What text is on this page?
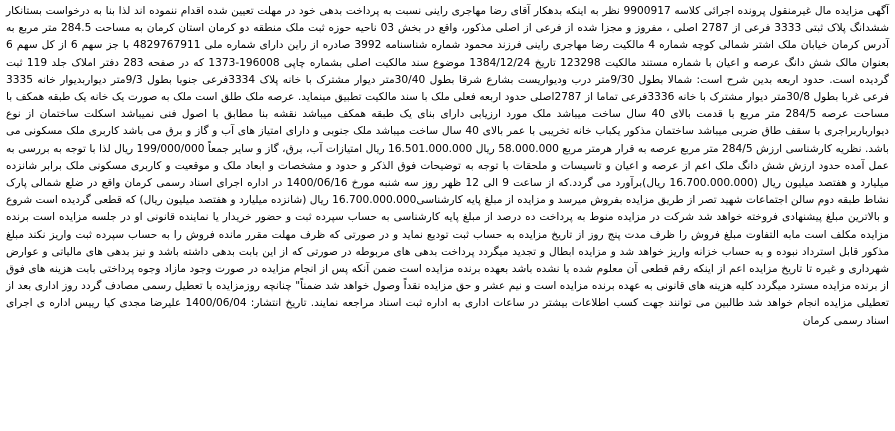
آگهی مزایده مال غیرمنقول پرونده اجرائی کلاسه 9900917 نظر به اینکه بدهکار آقای رضا مهاجری راینی نسبت به پرداخت بدهی خود در مهلت تعیین شده اقدام ننموده اند لذا بنا به درخواست بستانکار ششدانگ پلاک ثبتی 3333 فرعی از 2787 اصلی ، مفروز و مجزا شده از فرعی از اصلی مذکور، واقع در بخش 03 ناحیه حوزه ثبت ملک منطقه دو کرمان استان کرمان به مساحت 284.5 متر مربع به آدرس کرمان خیابان ملک اشتر شمالی کوچه شماره 4 مالکیت رضا مهاجری راینی فرزند محمود شماره شناسنامه 3992 صادره از راین دارای شماره ملی 4829767911 با جز سهم 6 از کل سهم 6 بعنوان مالک شش دانگ عرصه و اعیان با شماره مستند مالکیت 123298 تاریخ 1384/12/24 موضوع سند مالکیت اصلی بشماره چاپی 196008-1373 که در صفحه 283 دفتر املاک جلد 119 ثبت گردیده است. حدود اربعه بدین شرح است: شمالا بطول 9/30متر درب ودیواریست بشارع شرقا بطول 30/40متر دیوار مشترک با خانه پلاک 3334فرعی جنوبا بطول 9/3متر دیواربدیوار خانه 3335 فرعی غربا بطول 30/8متر دیوار مشترک با خانه 3336فرعی تماما از 2787اصلی حدود اربعه فعلی ملک با سند مالکیت تطبیق مینماید. عرصه ملک طلق است ملک به صورت یک خانه یک طبقه همکف با مساحت عرصه 284/5 متر مربع با قدمت بالای 40 سال ساخت میباشد ملک مورد ارزیابی دارای بنای یک طبقه همکف میباشد نقشه بنا مطابق با اصول فنی نمیباشد اسکلت ساختمان از نوع دیوارباربراجری با سقف طاق ضربی میباشد ساختمان مذکور یکباب خانه تخریبی با عمر بالای 40 سال ساخت میباشد ملک جنوبی و دارای امتیاز های آب و گاز و برق می باشد کاربری ملک مسکونی می باشد. نظریه کارشناسی ارزش 284/5 متر مربع عرصه به قرار هرمتر مربع 58.000.000 ریال 16.501.000.000 ریال امتیازات آب، برق، گاز و سایر جمعاً 199/000/000 ریال لذا با توجه به بررسی به عمل آمده حدود ارزش شش دانگ ملک اعم از عرصه و اعیان و تاسیسات و ملحقات با توجه به توضیحات فوق الذکر و حدود و مشخصات و ابعاد ملک و موقعیت و کاربری مسکونی ملک برابر شانزده میلیارد و هفتصد میلیون ریال (16.700.000.000 ریال)برآورد می گردد.که از ساعت 9 الی 12 ظهر روز سه شنبه مورخ 1400/06/16 در اداره اجرای اسناد رسمی کرمان واقع در ضلع شمالی پارک نشاط طبقه دوم سالن اجتماعات شهید تصر از طریق مزایده بفروش میرسد و مزایده از مبلغ پایه کارشناسی16.700.000.000 ریال (شانزده میلیارد و هفتصد میلیون ریال) که قطعی گردیده است شروع و بالاترین مبلغ پیشنهادی فروخته خواهد شد شرکت در مزایده منوط به پرداخت ده درصد از مبلغ پایه کارشناسی به حساب سپرده ثبت و حضور خریدار یا نماینده قانونی او در جلسه مزایده است برنده مزایده مکلف است مابه التفاوت مبلغ فروش را ظرف مدت پنج روز از تاریخ مزایده به حساب ثبت تودیع نماید و در صورتی که ظرف مهلت مقرر مانده فروش را به حساب سپرده ثبت واریز نکند مبلغ مذکور قابل استرداد نبوده و به حساب خزانه واریز خواهد شد و مزایده ابطال و تجدید میگردد پرداخت بدهی های مربوطه در صورتی که از این بابت بدهی داشته باشد و نیز بدهی های مالیاتی و عوارض شهرداری و غیره تا تاریخ مزایده اعم از اینکه رقم قطعی آن معلوم شده یا نشده باشد بعهده برنده مزایده است ضمن آنکه پس از انجام مزایده در صورت وجود مازاد وجوه پرداختی بابت هزینه های فوق از برنده مزایده مسترد میگردد کلیه هزینه های قانونی به عهده برنده مزایده است و نیم عشر و حق مزایده نقداً وصول خواهد شد ضمناً" چنانچه روزمزایده با تعطیل رسمی مصادف گردد روز اداری بعد از تعطیلی مزایده انجام خواهد شد طالبین می توانند جهت کسب اطلاعات بیشتر در ساعات اداری به اداره ثبت اسناد مراجعه نمایند. تاریخ انتشار: 1400/06/04 علیرضا مجدی کیا رییس اداره ی اجرای اسناد رسمی کرمان
